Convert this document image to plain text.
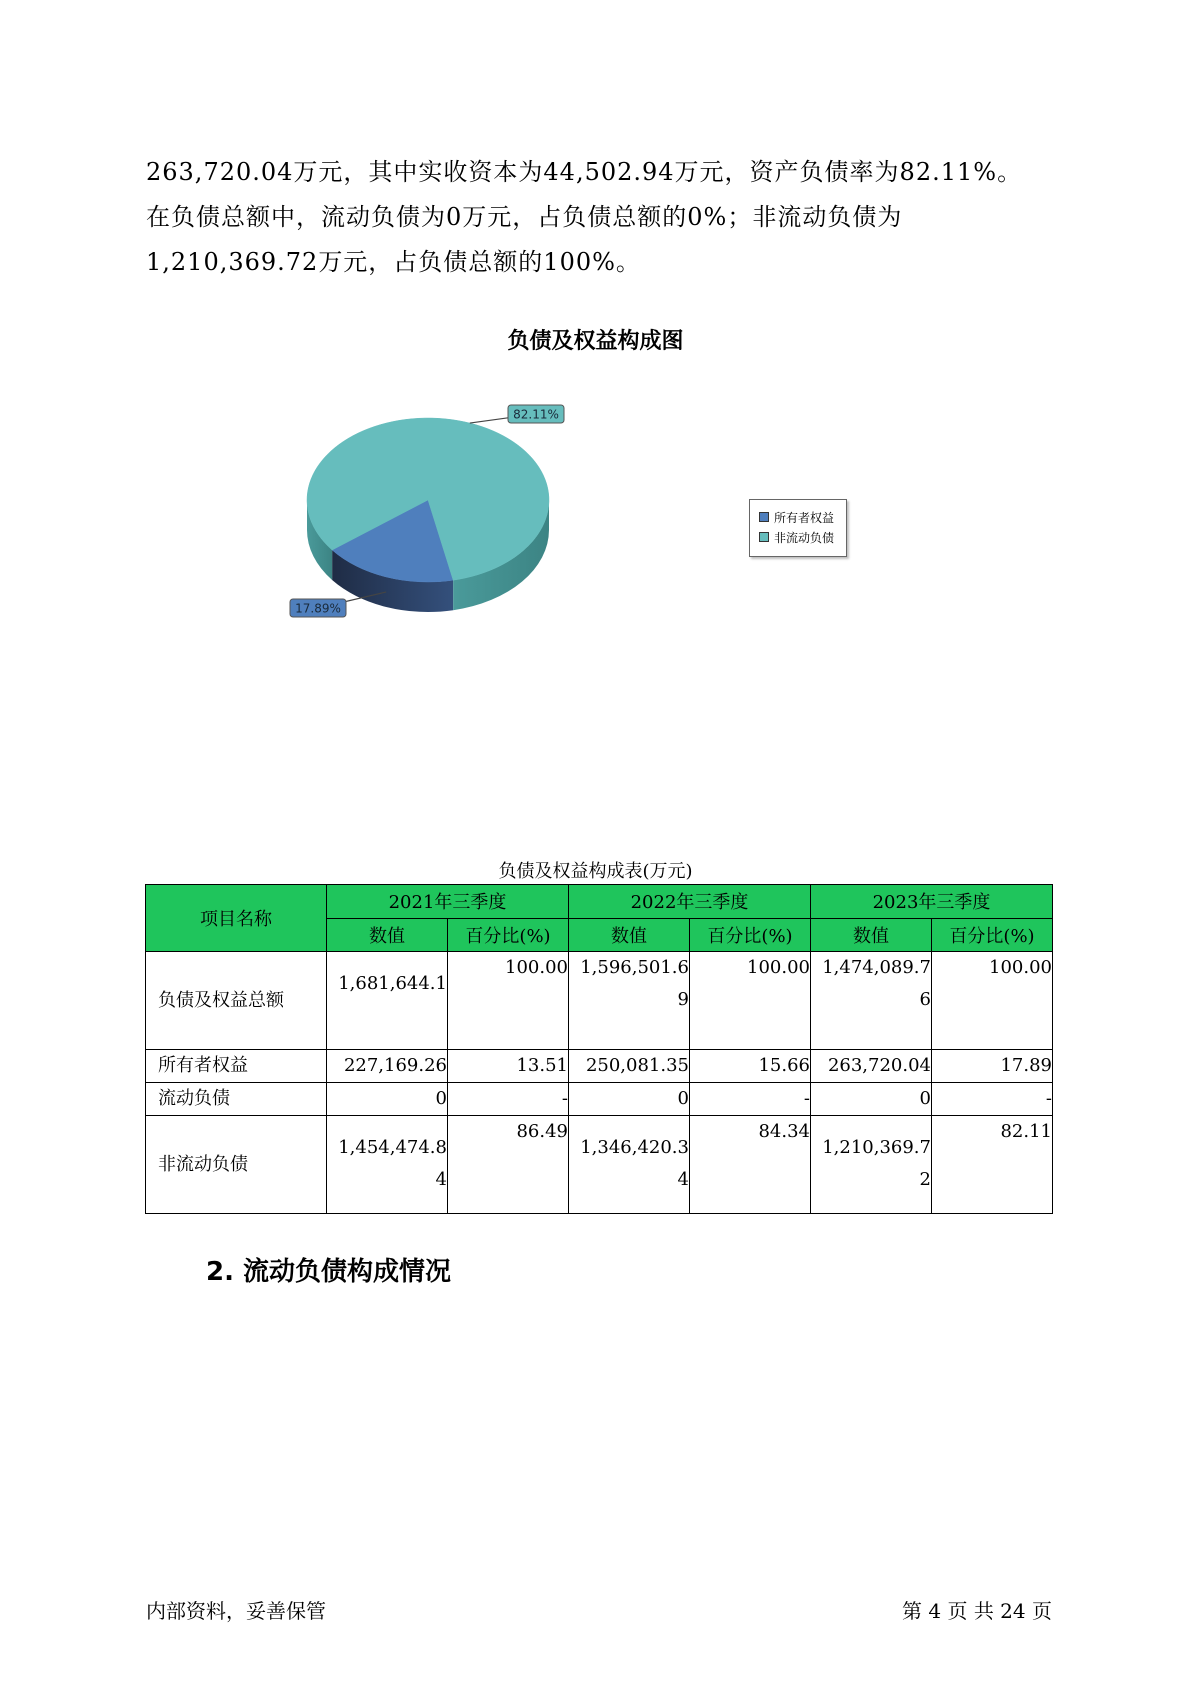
263,720.04万元，其中实收资本为44,502.94万元，资产负债率为82.11%。

在负债总额中，流动负债为0万元，占负债总额的0%；非流动负债为

1,210,369.72万元，占负债总额的100%。

负债及权益构成图
17.89%
82.11%
所有者权益
非流动负债
负债及权益构成表(万元)
项目名称	2021年三季度		2022年三季度		2023年三季度	
	数值	百分比(%)	数值	百分比(%)	数值	百分比(%)
负债及权益总额	1,681,644.1	100.00	1,596,501.69	100.00	1,474,089.76	100.00
所有者权益	227,169.26	13.51	250,081.35	15.66	263,720.04	17.89
流动负债	0	-	0	-	0	-
非流动负债	1,454,474.84	86.49	1,346,420.34	84.34	1,210,369.72	82.11
2. 流动负债构成情况
内部资料，妥善保管	第 4 页 共 24 页
